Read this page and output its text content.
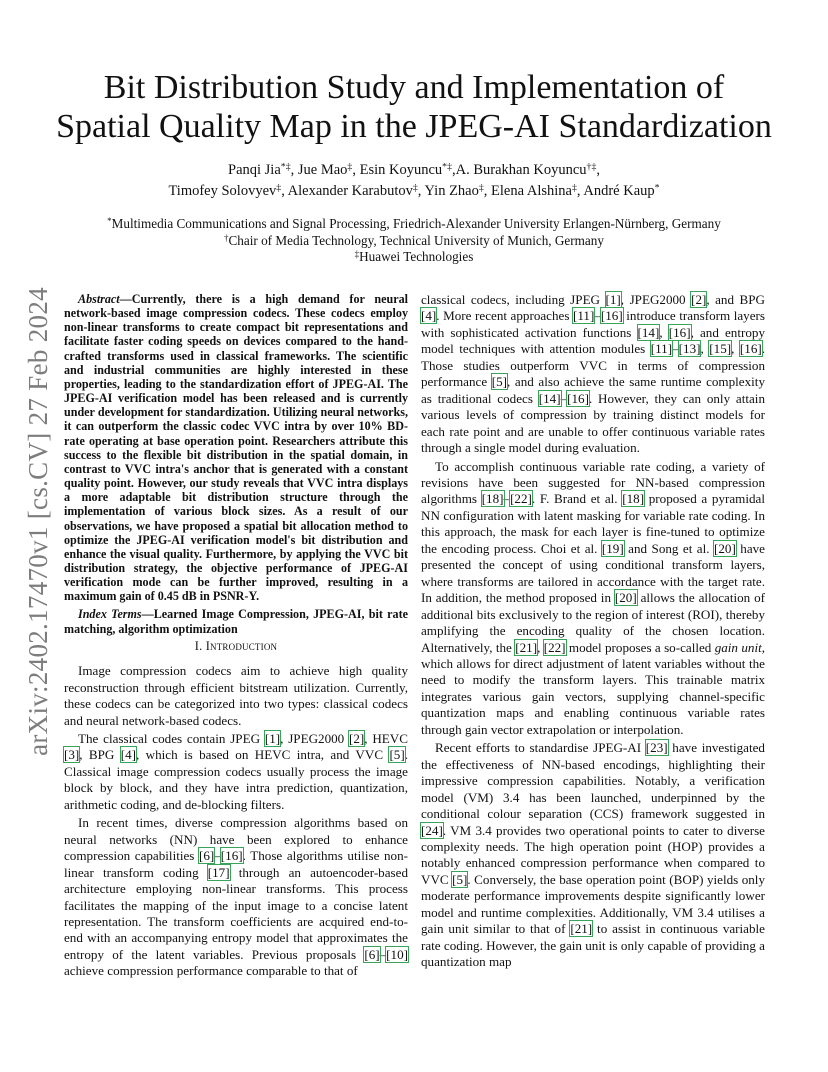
arXiv:2402.17470v1 [cs.CV] 27 Feb 2024
Bit Distribution Study and Implementation of
Spatial Quality Map in the JPEG-AI Standardization
Panqi Jia*‡, Jue Mao‡, Esin Koyuncu*‡,A. Burakhan Koyuncu†‡,
Timofey Solovyev‡, Alexander Karabutov‡, Yin Zhao‡, Elena Alshina‡, André Kaup*
*Multimedia Communications and Signal Processing, Friedrich-Alexander University Erlangen-Nürnberg, Germany
†Chair of Media Technology, Technical University of Munich, Germany
‡Huawei Technologies

Abstract—Currently, there is a high demand for neural network-based image compression codecs. These codecs employ non-linear transforms to create compact bit representations and facilitate faster coding speeds on devices compared to the hand-crafted transforms used in classical frameworks. The scientific and industrial communities are highly interested in these properties, leading to the standardization effort of JPEG-AI. The JPEG-AI verification model has been released and is currently under development for standardization. Utilizing neural networks, it can outperform the classic codec VVC intra by over 10% BD-rate operating at base operation point. Researchers attribute this success to the flexible bit distribution in the spatial domain, in contrast to VVC intra's anchor that is generated with a constant quality point. However, our study reveals that VVC intra displays a more adaptable bit distribution structure through the implementation of various block sizes. As a result of our observations, we have proposed a spatial bit allocation method to optimize the JPEG-AI verification model's bit distribution and enhance the visual quality. Furthermore, by applying the VVC bit distribution strategy, the objective performance of JPEG-AI verification mode can be further improved, resulting in a maximum gain of 0.45 dB in PSNR-Y.

Index Terms—Learned Image Compression, JPEG-AI, bit rate matching, algorithm optimization

I. Introduction

Image compression codecs aim to achieve high quality reconstruction through efficient bitstream utilization. Currently, these codecs can be categorized into two types: classical codecs and neural network-based codecs.

The classical codes contain JPEG [1], JPEG2000 [2], HEVC [3], BPG [4], which is based on HEVC intra, and VVC [5]. Classical image compression codecs usually process the image block by block, and they have intra prediction, quantization, arithmetic coding, and de-blocking filters.

In recent times, diverse compression algorithms based on neural networks (NN) have been explored to enhance compression capabilities [6]–[16]. Those algorithms utilise non-linear transform coding [17] through an autoencoder-based architecture employing non-linear transforms. This process facilitates the mapping of the input image to a concise latent representation. The transform coefficients are acquired end-to-end with an accompanying entropy model that approximates the entropy of the latent variables. Previous proposals [6]–[10] achieve compression performance comparable to that of

classical codecs, including JPEG [1], JPEG2000 [2], and BPG [4]. More recent approaches [11]–[16] introduce transform layers with sophisticated activation functions [14], [16], and entropy model techniques with attention modules [11]–[13], [15], [16]. Those studies outperform VVC in terms of compression performance [5], and also achieve the same runtime complexity as traditional codecs [14]–[16]. However, they can only attain various levels of compression by training distinct models for each rate point and are unable to offer continuous variable rates through a single model during evaluation.

To accomplish continuous variable rate coding, a variety of revisions have been suggested for NN-based compression algorithms [18]–[22]. F. Brand et al. [18] proposed a pyramidal NN configuration with latent masking for variable rate coding. In this approach, the mask for each layer is fine-tuned to optimize the encoding process. Choi et al. [19] and Song et al. [20] have presented the concept of using conditional transform layers, where transforms are tailored in accordance with the target rate. In addition, the method proposed in [20] allows the allocation of additional bits exclusively to the region of interest (ROI), thereby amplifying the encoding quality of the chosen location. Alternatively, the [21], [22] model proposes a so-called gain unit, which allows for direct adjustment of latent variables without the need to modify the transform layers. This trainable matrix integrates various gain vectors, supplying channel-specific quantization maps and enabling continuous variable rates through gain vector extrapolation or interpolation.

Recent efforts to standardise JPEG-AI [23] have investigated the effectiveness of NN-based encodings, highlighting their impressive compression capabilities. Notably, a verification model (VM) 3.4 has been launched, underpinned by the conditional colour separation (CCS) framework suggested in [24]. VM 3.4 provides two operational points to cater to diverse complexity needs. The high operation point (HOP) provides a notably enhanced compression performance when compared to VVC [5]. Conversely, the base operation point (BOP) yields only moderate performance improvements despite significantly lower model and runtime complexities. Additionally, VM 3.4 utilises a gain unit similar to that of [21] to assist in continuous variable rate coding. However, the gain unit is only capable of providing a quantization map
